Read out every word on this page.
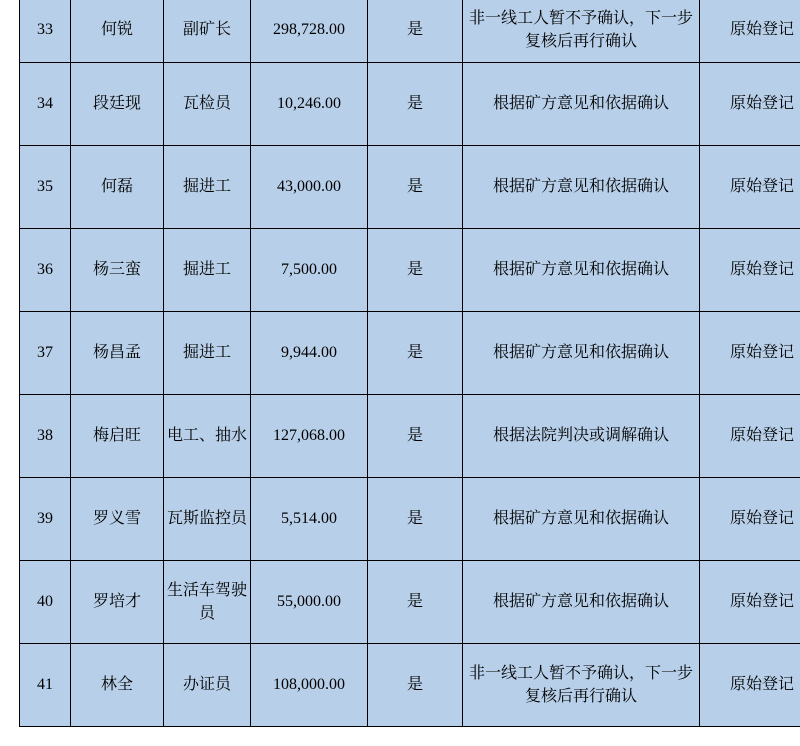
33	何锐	副矿长	298,728.00	是	非一线工人暂不予确认，下一步复核后再行确认	原始登记
34	段廷现	瓦检员	10,246.00	是	根据矿方意见和依据确认	原始登记
35	何磊	掘进工	43,000.00	是	根据矿方意见和依据确认	原始登记
36	杨三蛮	掘进工	7,500.00	是	根据矿方意见和依据确认	原始登记
37	杨昌孟	掘进工	9,944.00	是	根据矿方意见和依据确认	原始登记
38	梅启旺	电工、抽水	127,068.00	是	根据法院判决或调解确认	原始登记
39	罗义雪	瓦斯监控员	5,514.00	是	根据矿方意见和依据确认	原始登记
40	罗培才	生活车驾驶员	55,000.00	是	根据矿方意见和依据确认	原始登记
41	林全	办证员	108,000.00	是	非一线工人暂不予确认，下一步复核后再行确认	原始登记
